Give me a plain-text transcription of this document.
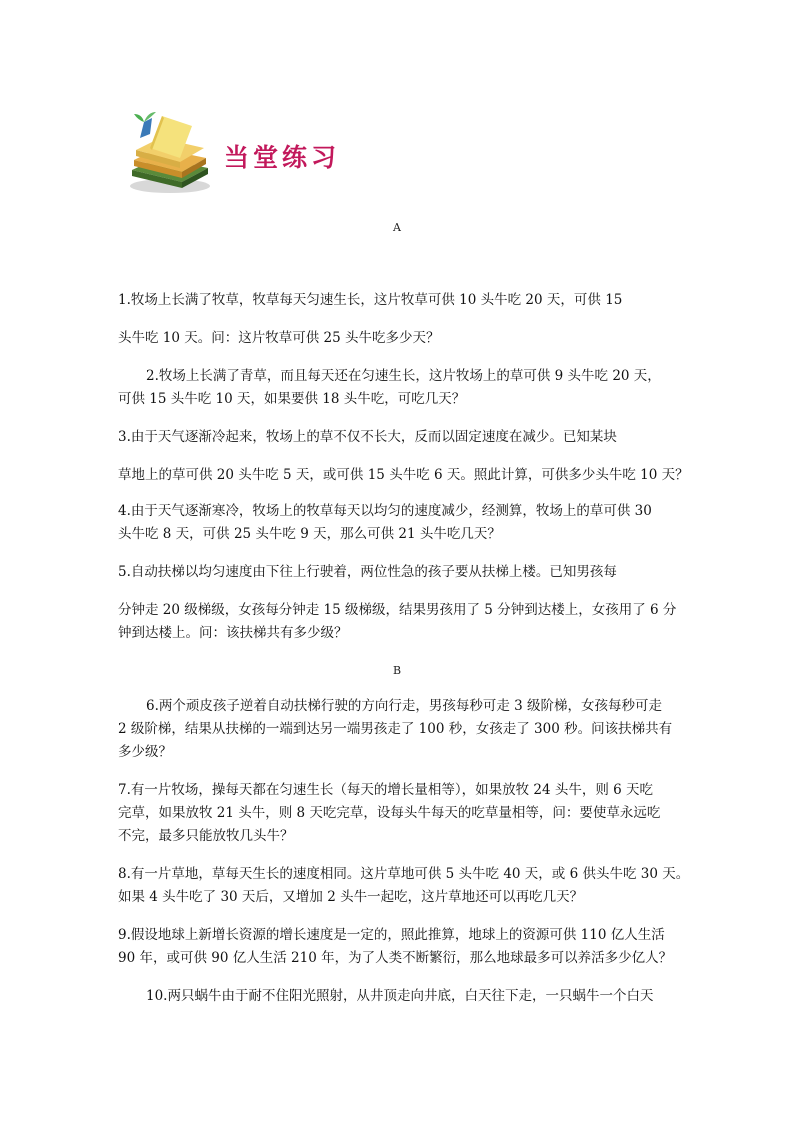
当堂练习
A
1.牧场上长满了牧草，牧草每天匀速生长，这片牧草可供 10 头牛吃 20 天，可供 15
头牛吃 10 天。问：这片牧草可供 25 头牛吃多少天？
2.牧场上长满了青草，而且每天还在匀速生长，这片牧场上的草可供 9 头牛吃 20 天，
可供 15 头牛吃 10 天，如果要供 18 头牛吃，可吃几天？
3.由于天气逐渐冷起来，牧场上的草不仅不长大，反而以固定速度在减少。已知某块
草地上的草可供 20 头牛吃 5 天，或可供 15 头牛吃 6 天。照此计算，可供多少头牛吃 10 天？
4.由于天气逐渐寒冷，牧场上的牧草每天以均匀的速度减少，经测算，牧场上的草可供 30
头牛吃 8 天，可供 25 头牛吃 9 天，那么可供 21 头牛吃几天？
5.自动扶梯以均匀速度由下往上行驶着，两位性急的孩子要从扶梯上楼。已知男孩每
分钟走 20 级梯级，女孩每分钟走 15 级梯级，结果男孩用了 5 分钟到达楼上，女孩用了 6 分
钟到达楼上。问：该扶梯共有多少级？
B
6.两个顽皮孩子逆着自动扶梯行驶的方向行走，男孩每秒可走 3 级阶梯，女孩每秒可走
2 级阶梯，结果从扶梯的一端到达另一端男孩走了 100 秒，女孩走了 300 秒。问该扶梯共有
多少级？
7.有一片牧场，操每天都在匀速生长（每天的增长量相等），如果放牧 24 头牛，则 6 天吃
完草，如果放牧 21 头牛，则 8 天吃完草，设每头牛每天的吃草量相等，问：要使草永远吃
不完，最多只能放牧几头牛？
8.有一片草地，草每天生长的速度相同。这片草地可供 5 头牛吃 40 天，或 6 供头牛吃 30 天。
如果 4 头牛吃了 30 天后，又增加 2 头牛一起吃，这片草地还可以再吃几天？
9.假设地球上新增长资源的增长速度是一定的，照此推算，地球上的资源可供 110 亿人生活
90 年，或可供 90 亿人生活 210 年，为了人类不断繁衍，那么地球最多可以养活多少亿人？
10.两只蜗牛由于耐不住阳光照射，从井顶走向井底，白天往下走，一只蜗牛一个白天
